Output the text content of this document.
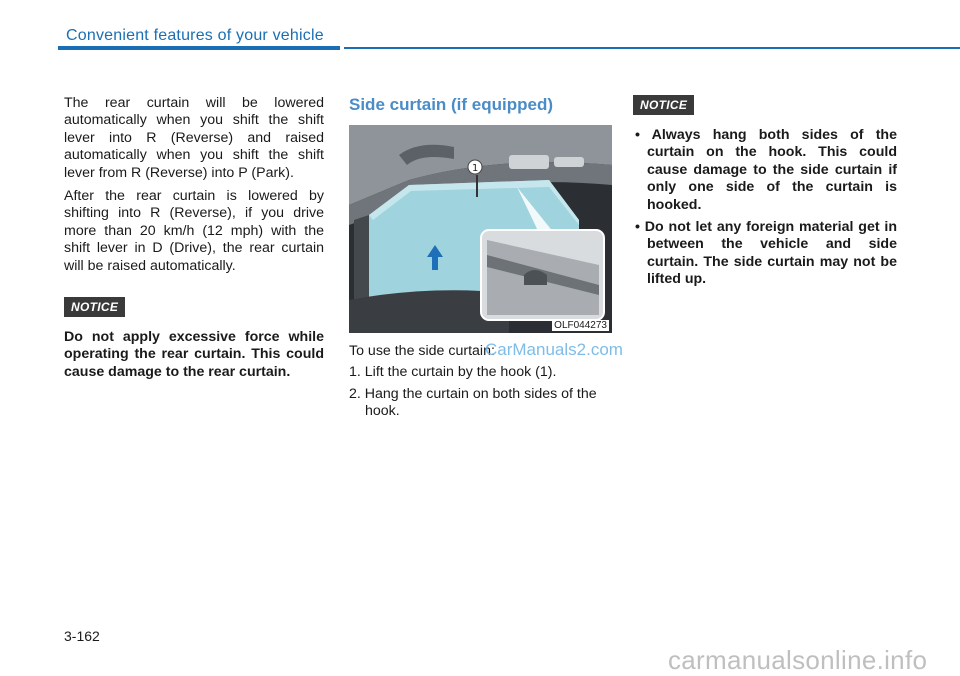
Convenient features of your vehicle

The rear curtain will be lowered automatically when you shift the shift lever into R (Reverse) and raised automatically when you shift the shift lever from R (Reverse) into P (Park).

After the rear curtain is lowered by shifting into R (Reverse), if you drive more than 20 km/h (12 mph) with the shift lever in D (Drive), the rear curtain will be raised automatically.

NOTICE

Do not apply excessive force while operating the rear curtain. This could cause damage to the rear curtain.

Side curtain (if equipped)
1
OLF044273

To use the side curtain:

1. Lift the curtain by the hook (1).
2. Hang the curtain on both sides of the hook.
NOTICE
• Always hang both sides of the curtain on the hook. This could cause damage to the side curtain if only one side of the curtain is hooked.
• Do not let any foreign material get in between the vehicle and side curtain. The side curtain may not be lifted up.
3-162
CarManuals2.com
carmanualsonline.info
